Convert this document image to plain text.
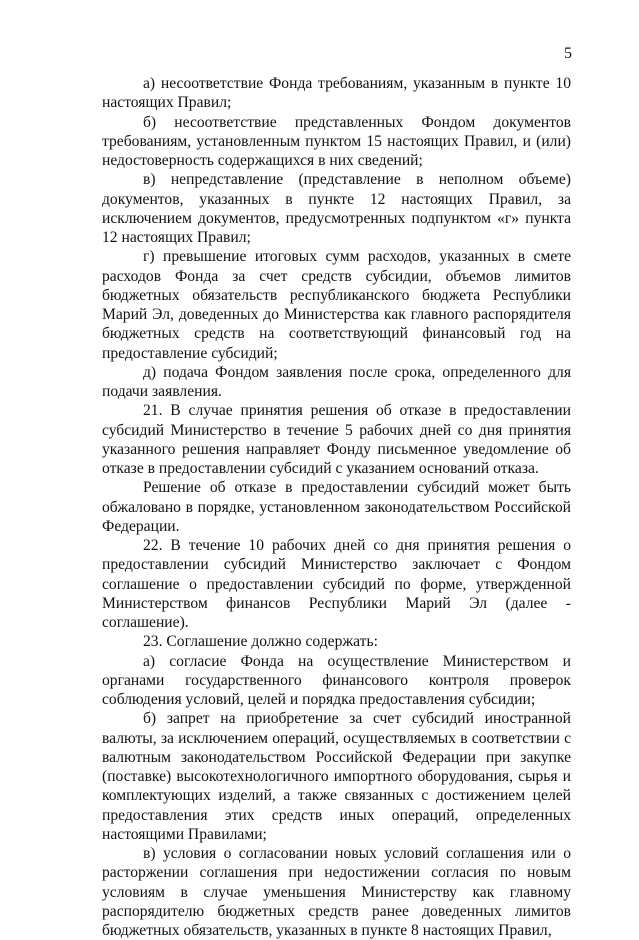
5

а) несоответствие Фонда требованиям, указанным в пункте 10 настоящих Правил;

б) несоответствие представленных Фондом документов требованиям, установленным пунктом 15 настоящих Правил, и (или) недостоверность содержащихся в них сведений;

в) непредставление (представление в неполном объеме) документов, указанных в пункте 12 настоящих Правил, за исключением документов, предусмотренных подпунктом «г» пункта 12 настоящих Правил;

г) превышение итоговых сумм расходов, указанных в смете расходов Фонда за счет средств субсидии, объемов лимитов бюджетных обязательств республиканского бюджета Республики Марий Эл, доведенных до Министерства как главного распорядителя бюджетных средств на соответствующий финансовый год на предоставление субсидий;

д) подача Фондом заявления после срока, определенного для подачи заявления.

21. В случае принятия решения об отказе в предоставлении субсидий Министерство в течение 5 рабочих дней со дня принятия указанного решения направляет Фонду письменное уведомление об отказе в предоставлении субсидий с указанием оснований отказа.

Решение об отказе в предоставлении субсидий может быть обжаловано в порядке, установленном законодательством Российской Федерации.

22. В течение 10 рабочих дней со дня принятия решения о предоставлении субсидий Министерство заключает с Фондом соглашение о предоставлении субсидий по форме, утвержденной Министерством финансов Республики Марий Эл (далее - соглашение).

23. Соглашение должно содержать:

а) согласие Фонда на осуществление Министерством и органами государственного финансового контроля проверок соблюдения условий, целей и порядка предоставления субсидии;

б) запрет на приобретение за счет субсидий иностранной валюты, за исключением операций, осуществляемых в соответствии с валютным законодательством Российской Федерации при закупке (поставке) высокотехнологичного импортного оборудования, сырья и комплектующих изделий, а также связанных с достижением целей предоставления этих средств иных операций, определенных настоящими Правилами;

в) условия о согласовании новых условий соглашения или о расторжении соглашения при недостижении согласия по новым условиям в случае уменьшения Министерству как главному распорядителю бюджетных средств ранее доведенных лимитов бюджетных обязательств, указанных в пункте 8 настоящих Правил,
